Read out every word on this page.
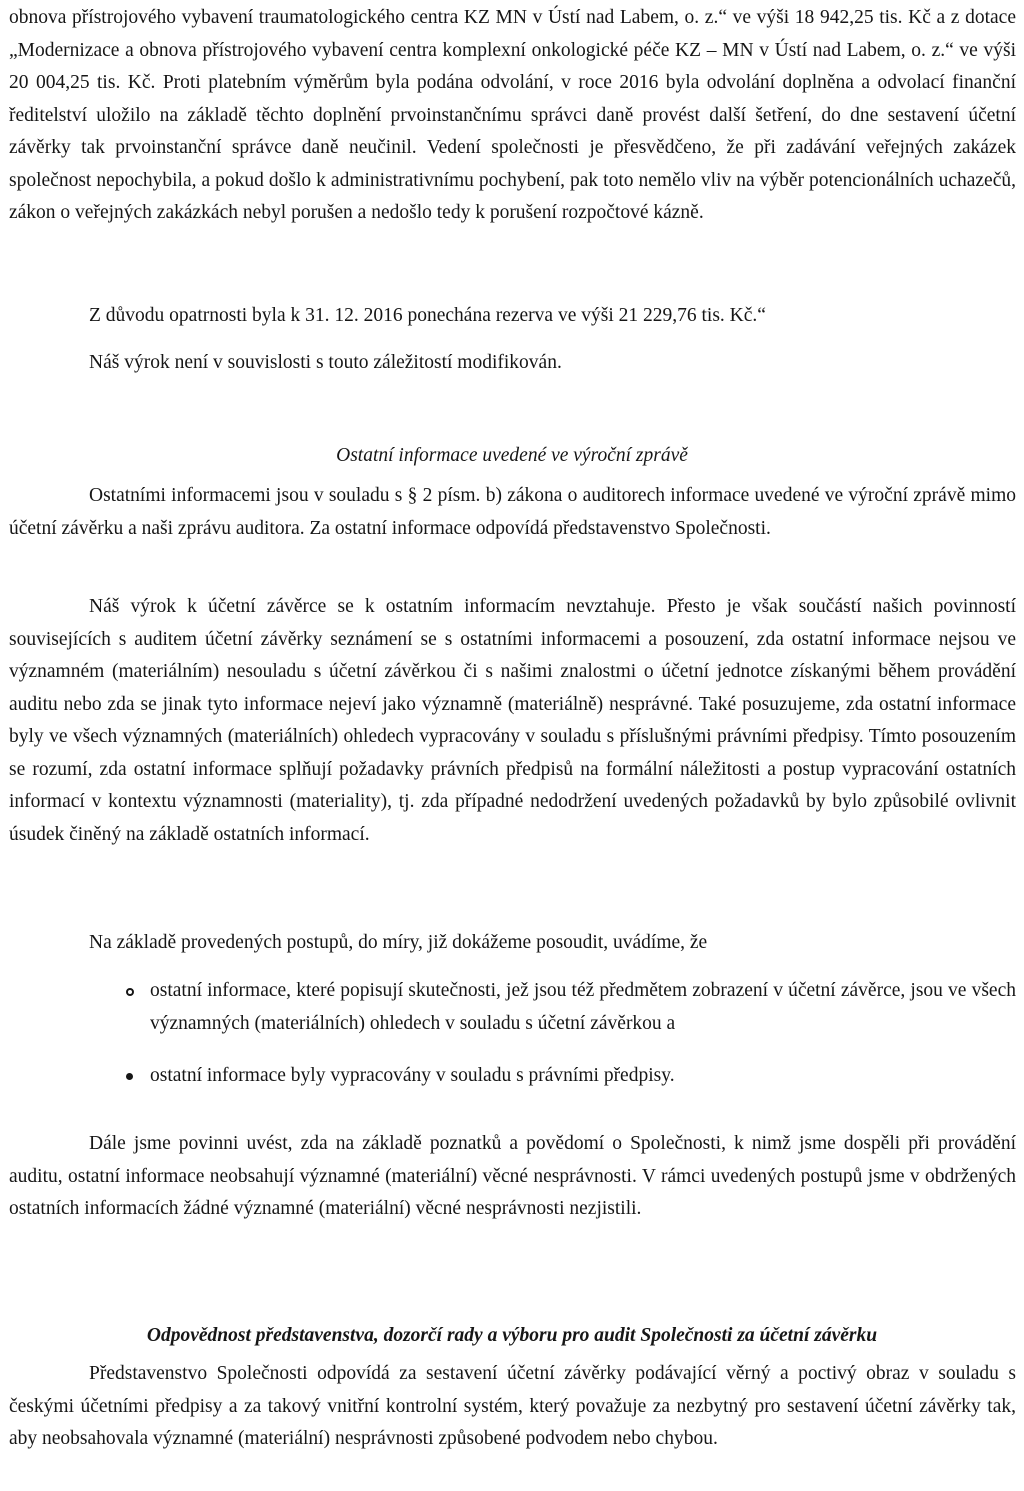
obnova přístrojového vybavení traumatologického centra KZ MN v Ústí nad Labem, o. z.“ ve výši 18 942,25 tis. Kč a z dotace „Modernizace a obnova přístrojového vybavení centra komplexní onkologické péče KZ – MN v Ústí nad Labem, o. z.“ ve výši 20 004,25 tis. Kč. Proti platebním výměrům byla podána odvolání, v roce 2016 byla odvolání doplněna a odvolací finanční ředitelství uložilo na základě těchto doplnění prvoinstančnímu správci daně provést další šetření, do dne sestavení účetní závěrky tak prvoinstanční správce daně neučinil. Vedení společnosti je přesvědčeno, že při zadávání veřejných zakázek společnost nepochybila, a pokud došlo k administrativnímu pochybení, pak toto nemělo vliv na výběr potencionálních uchazečů, zákon o veřejných zakázkách nebyl porušen a nedošlo tedy k porušení rozpočtové kázně.

Z důvodu opatrnosti byla k 31. 12. 2016 ponechána rezerva ve výši 21 229,76 tis. Kč.“

Náš výrok není v souvislosti s touto záležitostí modifikován.

Ostatní informace uvedené ve výroční zprávě

Ostatními informacemi jsou v souladu s § 2 písm. b) zákona o auditorech informace uvedené ve výroční zprávě mimo účetní závěrku a naši zprávu auditora. Za ostatní informace odpovídá představenstvo Společnosti.

Náš výrok k účetní závěrce se k ostatním informacím nevztahuje. Přesto je však součástí našich povinností souvisejících s auditem účetní závěrky seznámení se s ostatními informacemi a posouzení, zda ostatní informace nejsou ve významném (materiálním) nesouladu s účetní závěrkou či s našimi znalostmi o účetní jednotce získanými během provádění auditu nebo zda se jinak tyto informace nejeví jako významně (materiálně) nesprávné. Také posuzujeme, zda ostatní informace byly ve všech významných (materiálních) ohledech vypracovány v souladu s příslušnými právními předpisy. Tímto posouzením se rozumí, zda ostatní informace splňují požadavky právních předpisů na formální náležitosti a postup vypracování ostatních informací v kontextu významnosti (materiality), tj. zda případné nedodržení uvedených požadavků by bylo způsobilé ovlivnit úsudek činěný na základě ostatních informací.

Na základě provedených postupů, do míry, již dokážeme posoudit, uvádíme, že

ostatní informace, které popisují skutečnosti, jež jsou též předmětem zobrazení v účetní závěrce, jsou ve všech významných (materiálních) ohledech v souladu s účetní závěrkou a
ostatní informace byly vypracovány v souladu s právními předpisy.

Dále jsme povinni uvést, zda na základě poznatků a povědomí o Společnosti, k nimž jsme dospěli při provádění auditu, ostatní informace neobsahují významné (materiální) věcné nesprávnosti. V rámci uvedených postupů jsme v obdržených ostatních informacích žádné významné (materiální) věcné nesprávnosti nezjistili.

Odpovědnost představenstva, dozorčí rady a výboru pro audit Společnosti za účetní závěrku

Představenstvo Společnosti odpovídá za sestavení účetní závěrky podávající věrný a poctivý obraz v souladu s českými účetními předpisy a za takový vnitřní kontrolní systém, který považuje za nezbytný pro sestavení účetní závěrky tak, aby neobsahovala významné (materiální) nesprávnosti způsobené podvodem nebo chybou.
